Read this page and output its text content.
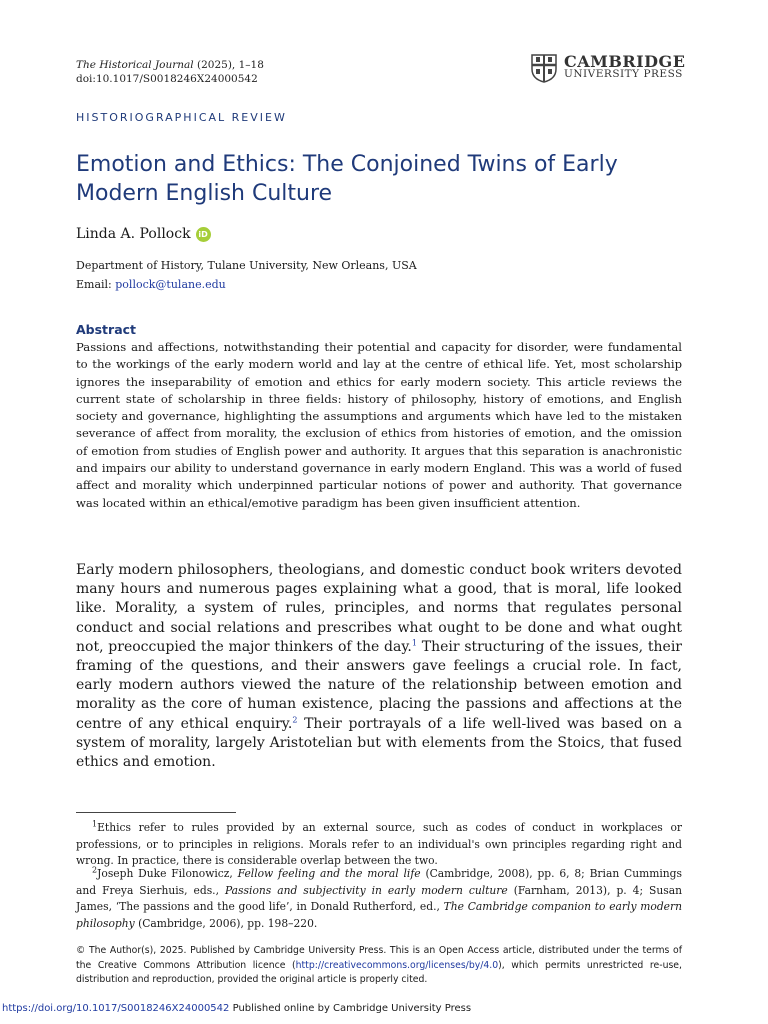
The Historical Journal (2025), 1–18
doi:10.1017/S0018246X24000542
CAMBRIDGE
UNIVERSITY PRESS
HISTORIOGRAPHICAL REVIEW
Emotion and Ethics: The Conjoined Twins of Early Modern English Culture
Linda A. Pollock iD
Department of History, Tulane University, New Orleans, USA
Email: pollock@tulane.edu
Abstract
Passions and affections, notwithstanding their potential and capacity for disorder, were fundamental to the workings of the early modern world and lay at the centre of ethical life. Yet, most scholarship ignores the inseparability of emotion and ethics for early modern society. This article reviews the current state of scholarship in three fields: history of philosophy, history of emotions, and English society and governance, highlighting the assumptions and arguments which have led to the mistaken severance of affect from morality, the exclusion of ethics from histories of emotion, and the omission of emotion from studies of English power and authority. It argues that this separation is anachronistic and impairs our ability to understand governance in early modern England. This was a world of fused affect and morality which underpinned particular notions of power and authority. That governance was located within an ethical/emotive paradigm has been given insufficient attention.

Early modern philosophers, theologians, and domestic conduct book writers devoted many hours and numerous pages explaining what a good, that is moral, life looked like. Morality, a system of rules, principles, and norms that regulates personal conduct and social relations and prescribes what ought to be done and what ought not, preoccupied the major thinkers of the day.$^1$ Their structuring of the issues, their framing of the questions, and their answers gave feelings a crucial role. In fact, early modern authors viewed the nature of the relationship between emotion and morality as the core of human existence, placing the passions and affections at the centre of any ethical enquiry.$^2$ Their portrayals of a life well-lived was based on a system of morality, largely Aristotelian but with elements from the Stoics, that fused ethics and emotion.

$^1$Ethics refer to rules provided by an external source, such as codes of conduct in workplaces or professions, or to principles in religions. Morals refer to an individual's own principles regarding right and wrong. In practice, there is considerable overlap between the two.
$^2$Joseph Duke Filonowicz, Fellow feeling and the moral life (Cambridge, 2008), pp. 6, 8; Brian Cummings and Freya Sierhuis, eds., Passions and subjectivity in early modern culture (Farnham, 2013), p. 4; Susan James, ‘The passions and the good life’, in Donald Rutherford, ed., The Cambridge companion to early modern philosophy (Cambridge, 2006), pp. 198–220.
© The Author(s), 2025. Published by Cambridge University Press. This is an Open Access article, distributed under the terms of the Creative Commons Attribution licence (http://creativecommons.org/licenses/by/4.0), which permits unrestricted re-use, distribution and reproduction, provided the original article is properly cited.
https://doi.org/10.1017/S0018246X24000542 Published online by Cambridge University Press
